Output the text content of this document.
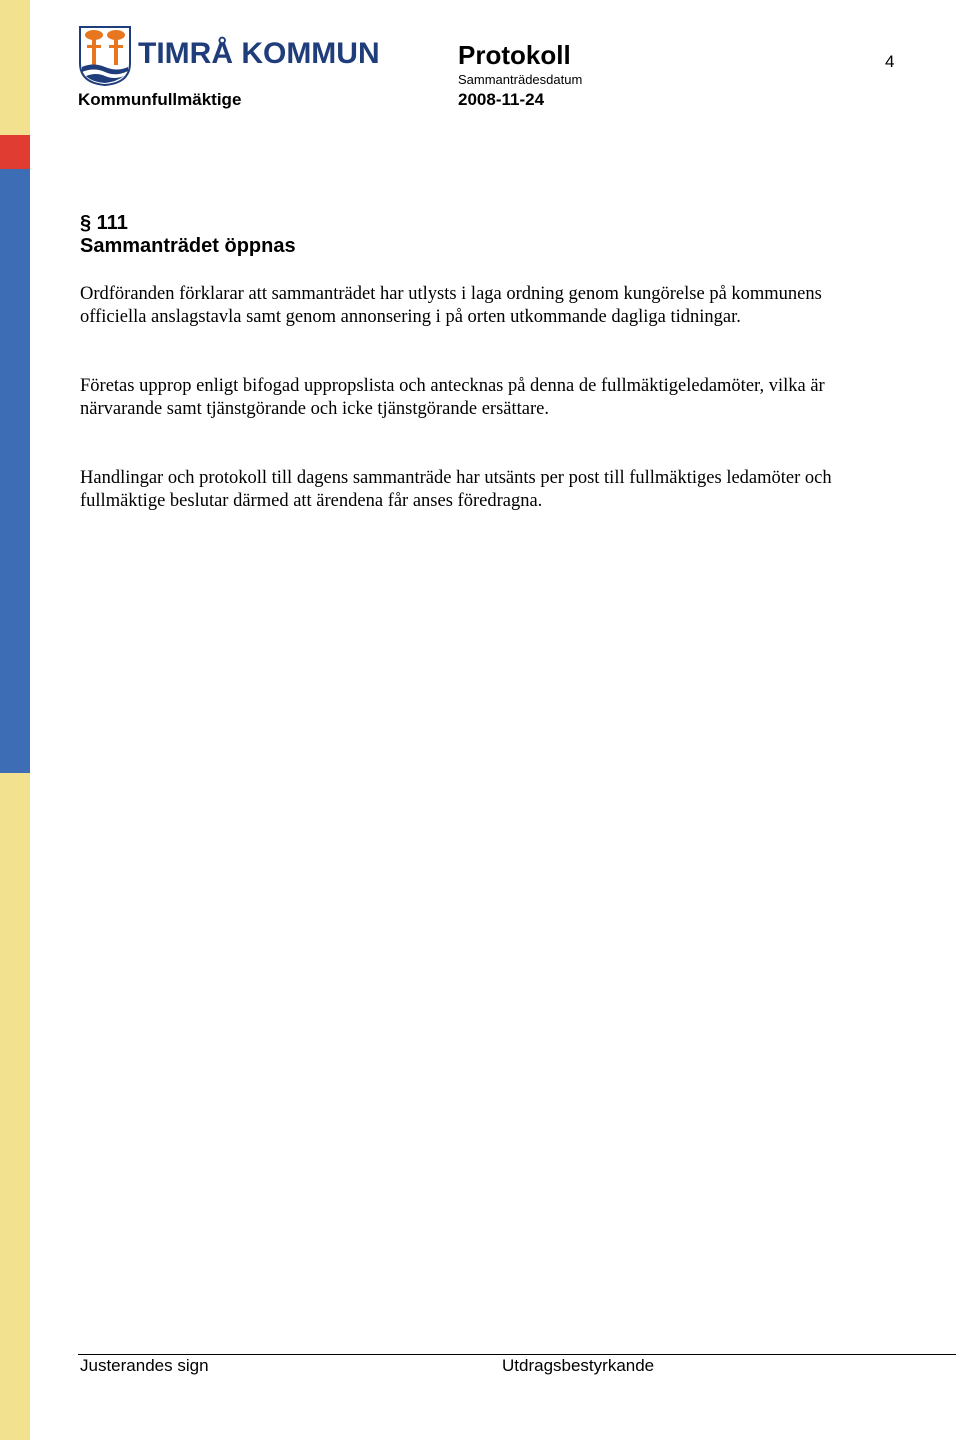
TIMRÅ KOMMUN
Kommunfullmäktige
Protokoll
Sammanträdesdatum
2008-11-24
4
§ 111
Sammanträdet öppnas
Ordföranden förklarar att sammanträdet har utlysts i laga ordning genom kungörelse på kommunens officiella anslagstavla samt genom annonsering i på orten utkommande dagliga tidningar.
Företas upprop enligt bifogad uppropslista och antecknas på denna de fullmäktigeledamöter, vilka är närvarande samt tjänstgörande och icke tjänstgörande ersättare.
Handlingar och protokoll till dagens sammanträde har utsänts per post till fullmäktiges ledamöter och fullmäktige beslutar därmed att ärendena får anses föredragna.
Justerandes sign	Utdragsbestyrkande
